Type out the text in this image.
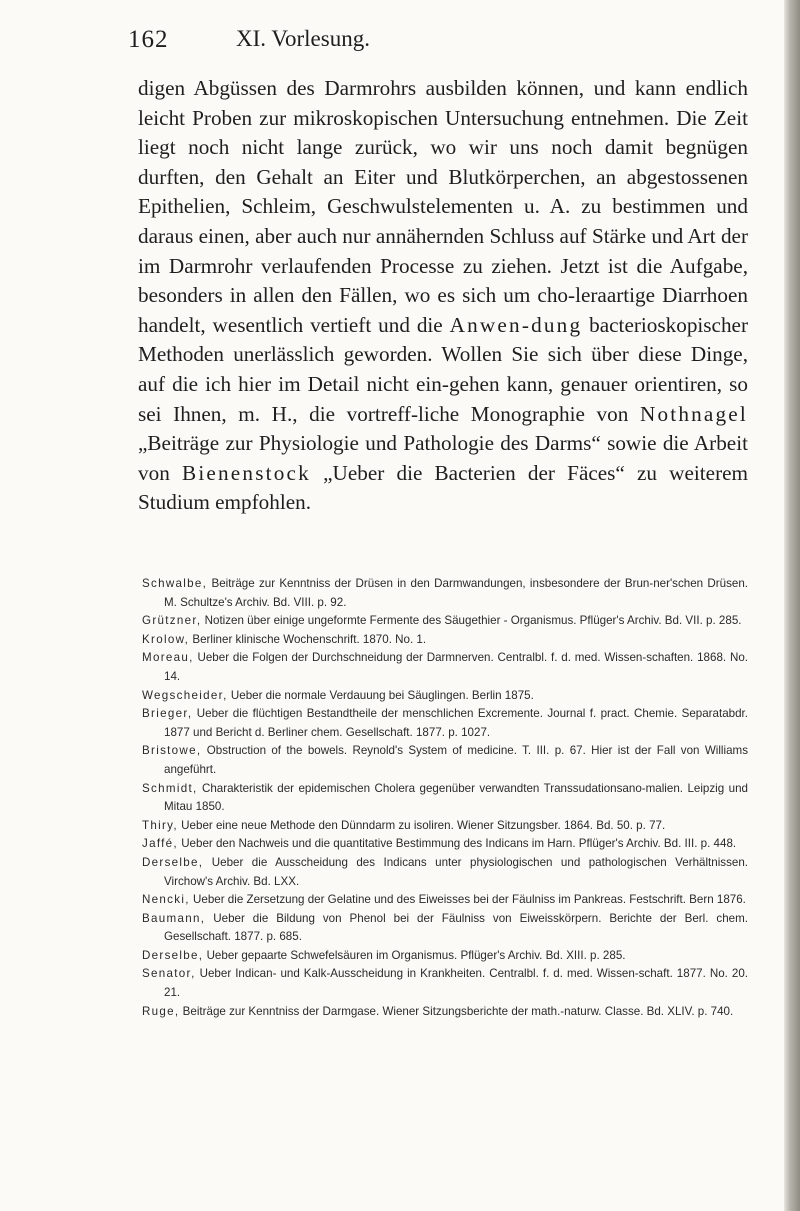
162	XI. Vorlesung.

digen Abgüssen des Darmrohrs ausbilden können, und kann endlich leicht Proben zur mikroskopischen Untersuchung entnehmen. Die Zeit liegt noch nicht lange zurück, wo wir uns noch damit begnügen durften, den Gehalt an Eiter und Blutkörperchen, an abgestossenen Epithelien, Schleim, Geschwulstelementen u. A. zu bestimmen und daraus einen, aber auch nur annähernden Schluss auf Stärke und Art der im Darmrohr verlaufenden Processe zu ziehen. Jetzt ist die Aufgabe, besonders in allen den Fällen, wo es sich um cho-leraartige Diarrhoen handelt, wesentlich vertieft und die Anwen-dung bacterioskopischer Methoden unerlässlich geworden. Wollen Sie sich über diese Dinge, auf die ich hier im Detail nicht ein-gehen kann, genauer orientiren, so sei Ihnen, m. H., die vortreff-liche Monographie von Nothnagel „Beiträge zur Physiologie und Pathologie des Darms“ sowie die Arbeit von Bienenstock „Ueber die Bacterien der Fäces“ zu weiterem Studium empfohlen.

Schwalbe, Beiträge zur Kenntniss der Drüsen in den Darmwandungen, insbesondere der Brun-ner'schen Drüsen. M. Schultze's Archiv. Bd. VIII. p. 92.

Grützner, Notizen über einige ungeformte Fermente des Säugethier - Organismus. Pflüger's Archiv. Bd. VII. p. 285.

Krolow, Berliner klinische Wochenschrift. 1870. No. 1.

Moreau, Ueber die Folgen der Durchschneidung der Darmnerven. Centralbl. f. d. med. Wissen-schaften. 1868. No. 14.

Wegscheider, Ueber die normale Verdauung bei Säuglingen. Berlin 1875.

Brieger, Ueber die flüchtigen Bestandtheile der menschlichen Excremente. Journal f. pract. Chemie. Separatabdr. 1877 und Bericht d. Berliner chem. Gesellschaft. 1877. p. 1027.

Bristowe, Obstruction of the bowels. Reynold's System of medicine. T. III. p. 67. Hier ist der Fall von Williams angeführt.

Schmidt, Charakteristik der epidemischen Cholera gegenüber verwandten Transsudationsano-malien. Leipzig und Mitau 1850.

Thiry, Ueber eine neue Methode den Dünndarm zu isoliren. Wiener Sitzungsber. 1864. Bd. 50. p. 77.

Jaffé, Ueber den Nachweis und die quantitative Bestimmung des Indicans im Harn. Pflüger's Archiv. Bd. III. p. 448.

Derselbe, Ueber die Ausscheidung des Indicans unter physiologischen und pathologischen Verhältnissen. Virchow's Archiv. Bd. LXX.

Nencki, Ueber die Zersetzung der Gelatine und des Eiweisses bei der Fäulniss im Pankreas. Festschrift. Bern 1876.

Baumann, Ueber die Bildung von Phenol bei der Fäulniss von Eiweisskörpern. Berichte der Berl. chem. Gesellschaft. 1877. p. 685.

Derselbe, Ueber gepaarte Schwefelsäuren im Organismus. Pflüger's Archiv. Bd. XIII. p. 285.

Senator, Ueber Indican- und Kalk-Ausscheidung in Krankheiten. Centralbl. f. d. med. Wissen-schaft. 1877. No. 20. 21.

Ruge, Beiträge zur Kenntniss der Darmgase. Wiener Sitzungsberichte der math.-naturw. Classe. Bd. XLIV. p. 740.
